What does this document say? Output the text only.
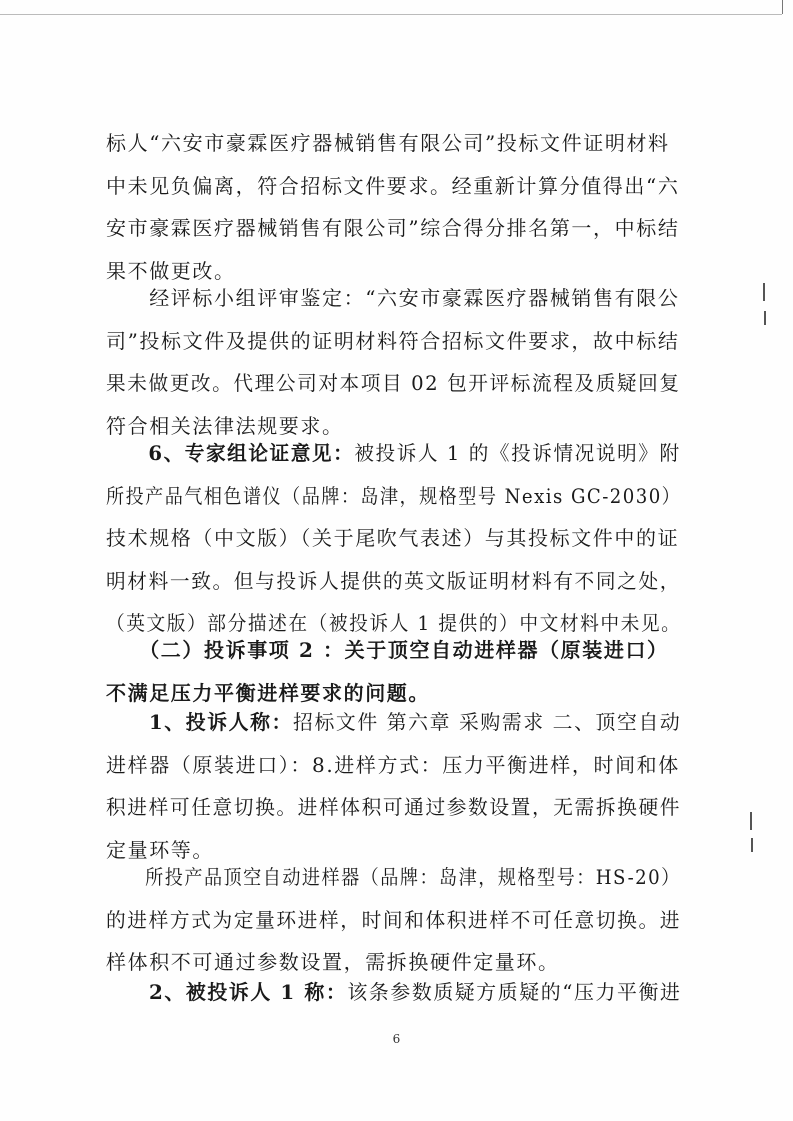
标人“六安市豪霖医疗器械销售有限公司”投标文件证明材料
中未见负偏离，符合招标文件要求。经重新计算分值得出“六
安市豪霖医疗器械销售有限公司”综合得分排名第一，中标结
果不做更改。
　　经评标小组评审鉴定：“六安市豪霖医疗器械销售有限公
司”投标文件及提供的证明材料符合招标文件要求，故中标结
果未做更改。代理公司对本项目 02 包开评标流程及质疑回复
符合相关法律法规要求。
　　6、专家组论证意见：被投诉人 1 的《投诉情况说明》附
所投产品气相色谱仪（品牌：岛津，规格型号 Nexis GC-2030）
技术规格（中文版）（关于尾吹气表述）与其投标文件中的证
明材料一致。但与投诉人提供的英文版证明材料有不同之处，
（英文版）部分描述在（被投诉人 1 提供的）中文材料中未见。
　　（二）投诉事项 2 ：关于顶空自动进样器（原装进口）
不满足压力平衡进样要求的问题。
　　1、投诉人称：招标文件 第六章 采购需求 二、顶空自动
进样器（原装进口）：8.进样方式：压力平衡进样，时间和体
积进样可任意切换。进样体积可通过参数设置，无需拆换硬件
定量环等。
　　所投产品顶空自动进样器（品牌：岛津，规格型号：HS-20）
的进样方式为定量环进样，时间和体积进样不可任意切换。进
样体积不可通过参数设置，需拆换硬件定量环。
　　2、被投诉人 1 称：该条参数质疑方质疑的“压力平衡进
6
